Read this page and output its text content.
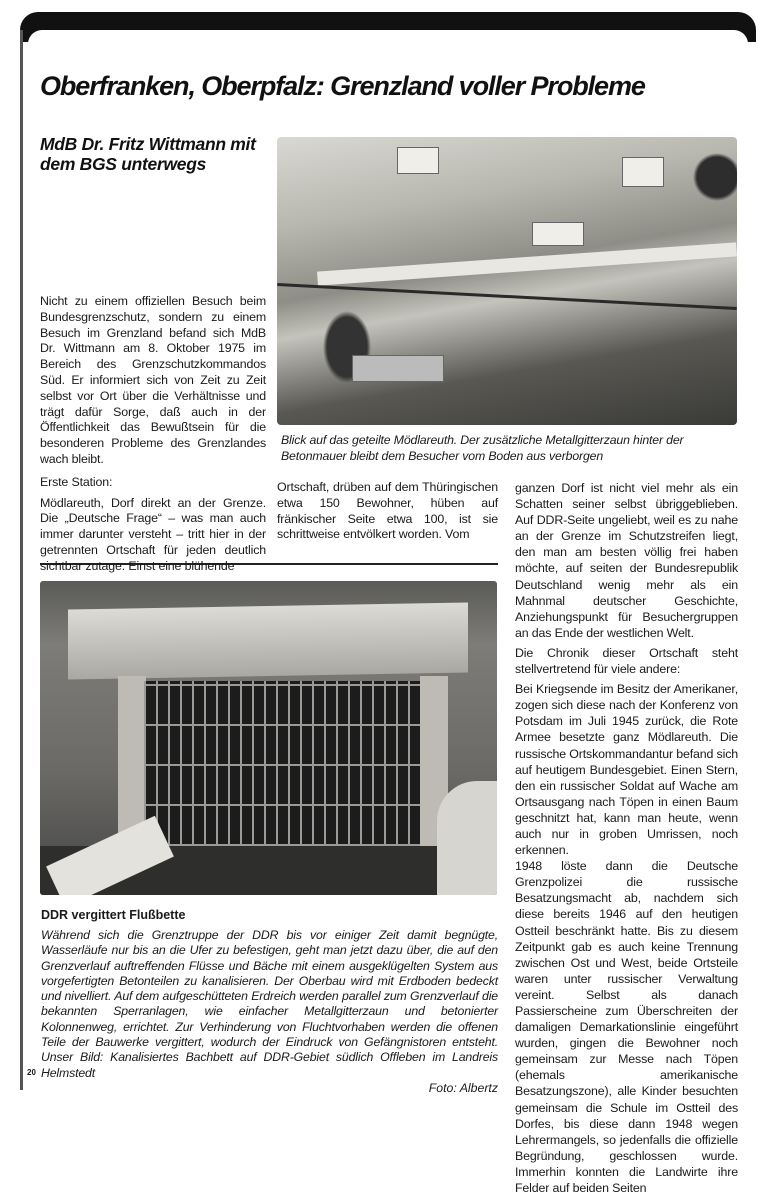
Oberfranken, Oberpfalz: Grenzland voller Probleme
MdB Dr. Fritz Wittmann mit dem BGS unterwegs
Blick auf das geteilte Mödlareuth. Der zusätzliche Metallgitterzaun hinter der Betonmauer bleibt dem Besucher vom Boden aus verborgen

Nicht zu einem offiziellen Besuch beim Bundesgrenzschutz, sondern zu einem Besuch im Grenzland befand sich MdB Dr. Wittmann am 8. Oktober 1975 im Bereich des Grenzschutzkommandos Süd. Er informiert sich von Zeit zu Zeit selbst vor Ort über die Verhältnisse und trägt dafür Sorge, daß auch in der Öffentlichkeit das Bewußtsein für die besonderen Probleme des Grenzlandes wach bleibt.

Erste Station:

Mödlareuth, Dorf direkt an der Grenze. Die „Deutsche Frage“ – was man auch immer darunter versteht – tritt hier in der getrennten Ortschaft für jeden deutlich sichtbar zutage. Einst eine blühende

Ortschaft, drüben auf dem Thüringischen etwa 150 Bewohner, hüben auf fränkischer Seite etwa 100, ist sie schrittweise entvölkert worden. Vom

ganzen Dorf ist nicht viel mehr als ein Schatten seiner selbst übriggeblieben. Auf DDR-Seite ungeliebt, weil es zu nahe an der Grenze im Schutzstreifen liegt, den man am besten völlig frei haben möchte, auf seiten der Bundesrepublik Deutschland wenig mehr als ein Mahnmal deutscher Geschichte, Anziehungspunkt für Besuchergruppen an das Ende der westlichen Welt.

Die Chronik dieser Ortschaft steht stellvertretend für viele andere:

Bei Kriegsende im Besitz der Amerikaner, zogen sich diese nach der Konferenz von Potsdam im Juli 1945 zurück, die Rote Armee besetzte ganz Mödlareuth. Die russische Ortskommandantur befand sich auf heutigem Bundesgebiet. Einen Stern, den ein russischer Soldat auf Wache am Ortsausgang nach Töpen in einen Baum geschnitzt hat, kann man heute, wenn auch nur in groben Umrissen, noch erkennen.

1948 löste dann die Deutsche Grenzpolizei die russische Besatzungsmacht ab, nachdem sich diese bereits 1946 auf den heutigen Ostteil beschränkt hatte. Bis zu diesem Zeitpunkt gab es auch keine Trennung zwischen Ost und West, beide Ortsteile waren unter russischer Verwaltung vereint. Selbst als danach Passierscheine zum Überschreiten der damaligen Demarkationslinie eingeführt wurden, gingen die Bewohner noch gemeinsam zur Messe nach Töpen (ehemals amerikanische Besatzungszone), alle Kinder besuchten gemeinsam die Schule im Ostteil des Dorfes, bis diese dann 1948 wegen Lehrermangels, so jedenfalls die offizielle Begründung, geschlossen wurde. Immerhin konnten die Landwirte ihre Felder auf beiden Seiten

DDR vergittert Flußbette
Während sich die Grenztruppe der DDR bis vor einiger Zeit damit begnügte, Wasserläufe nur bis an die Ufer zu befestigen, geht man jetzt dazu über, die auf den Grenzverlauf auftreffenden Flüsse und Bäche mit einem ausgeklügelten System aus vorgefertigten Betonteilen zu kanalisieren. Der Oberbau wird mit Erdboden bedeckt und nivelliert. Auf dem aufgeschütteten Erdreich werden parallel zum Grenzverlauf die bekannten Sperranlagen, wie einfacher Metallgitterzaun und betonierter Kolonnenweg, errichtet. Zur Verhinderung von Fluchtvorhaben werden die offenen Teile der Bauwerke vergittert, wodurch der Eindruck von Gefängnistoren entsteht. Unser Bild: Kanalisiertes Bachbett auf DDR-Gebiet südlich Offleben im Landreis Helmstedt
Foto: Albertz
20
